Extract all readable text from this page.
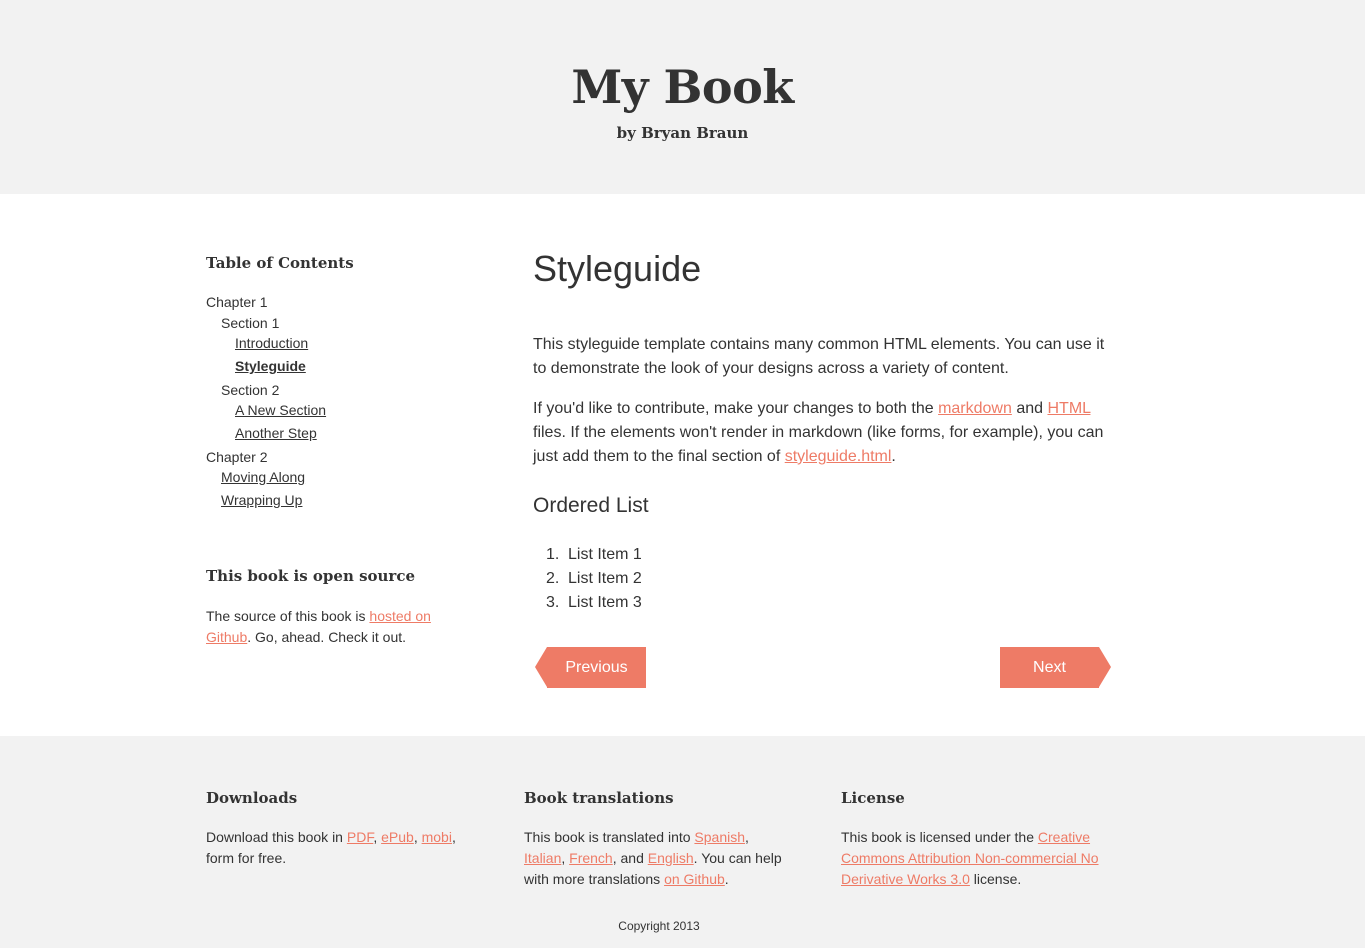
My Book
by Bryan Braun
Table of Contents
Chapter 1
Section 1
Introduction
Styleguide
Section 2
A New Section
Another Step
Chapter 2
Moving Along
Wrapping Up
This book is open source

The source of this book is hosted on Github. Go, ahead. Check it out.

Styleguide

This styleguide template contains many common HTML elements. You can use it to demonstrate the look of your designs across a variety of content.

If you'd like to contribute, make your changes to both the markdown and HTML files. If the elements won't render in markdown (like forms, for example), you can just add them to the final section of styleguide.html.

Ordered List
1. List Item 1
2. List Item 2
3. List Item 3
Previous	Next
Downloads

Download this book in PDF, ePub, mobi, form for free.

Book translations

This book is translated into Spanish, Italian, French, and English. You can help with more translations on Github.

License

This book is licensed under the Creative Commons Attribution Non-commercial No Derivative Works 3.0 license.

Copyright 2013
